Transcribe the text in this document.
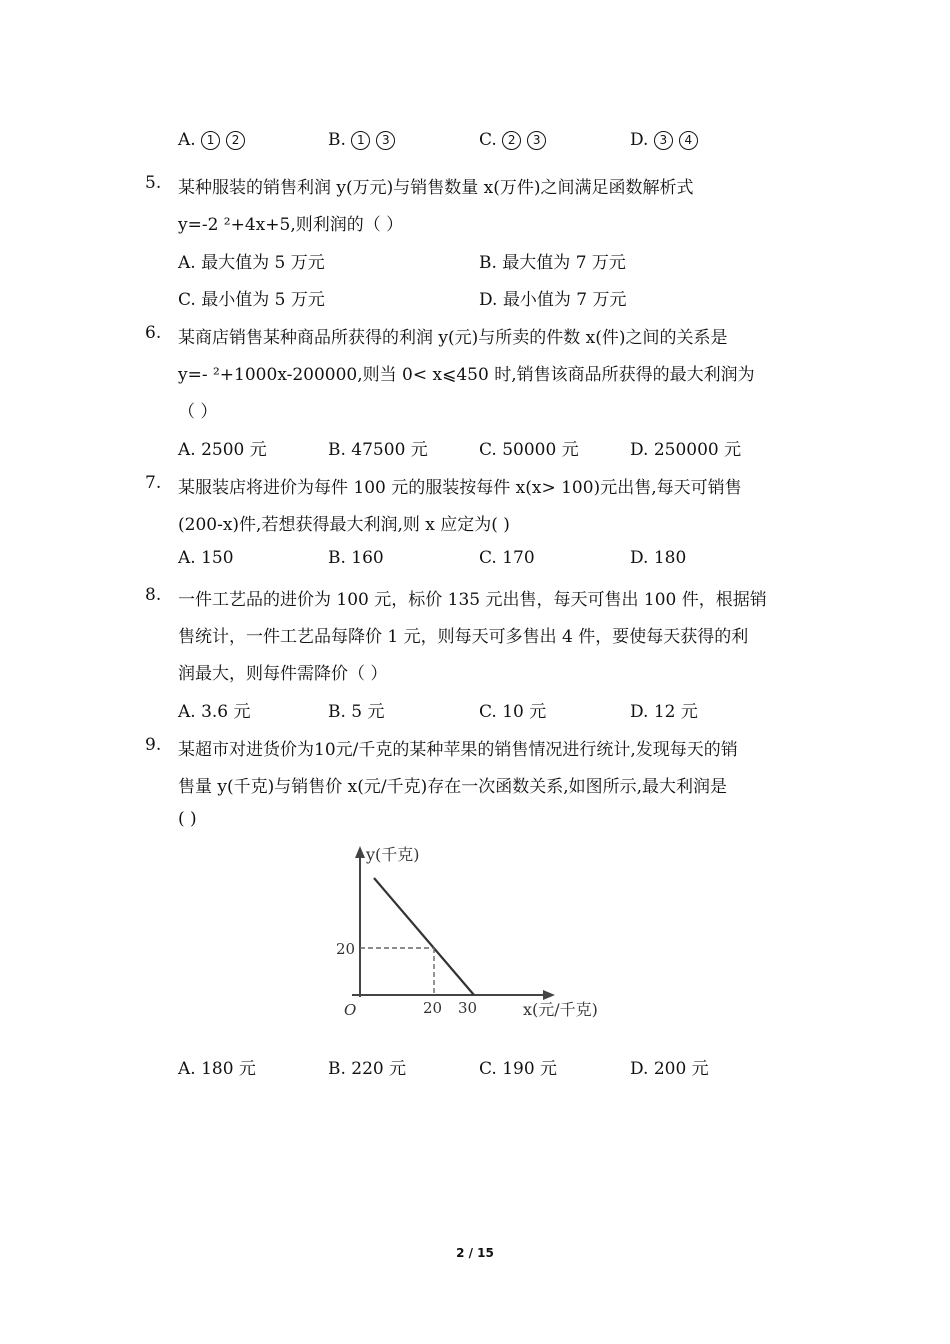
A. 1 2	B. 1 3	C. 2 3	D. 3 4
5. 某种服装的销售利润 y(万元)与销售数量 x(万件)之间满足函数解析式
y=-2 ²+4x+5,则利润的（ ）
A. 最大值为 5 万元	B. 最大值为 7 万元
C. 最小值为 5 万元	D. 最小值为 7 万元
6. 某商店销售某种商品所获得的利润 y(元)与所卖的件数 x(件)之间的关系是
y=- ²+1000x-200000,则当 0< x⩽450 时,销售该商品所获得的最大利润为
（ ）
A. 2500 元	B. 47500 元	C. 50000 元	D. 250000 元
7. 某服装店将进价为每件 100 元的服装按每件 x(x> 100)元出售,每天可销售
(200-x)件,若想获得最大利润,则 x 应定为( )
A. 150	B. 160	C. 170	D. 180
8. 一件工艺品的进价为 100 元，标价 135 元出售，每天可售出 100 件，根据销
售统计，一件工艺品每降价 1 元，则每天可多售出 4 件，要使每天获得的利
润最大，则每件需降价（ ）
A. 3.6 元	B. 5 元	C. 10 元	D. 12 元
9. 某超市对进货价为10元/千克的某种苹果的销售情况进行统计,发现每天的销
售量 y(千克)与销售价 x(元/千克)存在一次函数关系,如图所示,最大利润是
( )
y(千克)
20
O	20 30	x(元/千克)
A. 180 元	B. 220 元	C. 190 元	D. 200 元
2 / 15
